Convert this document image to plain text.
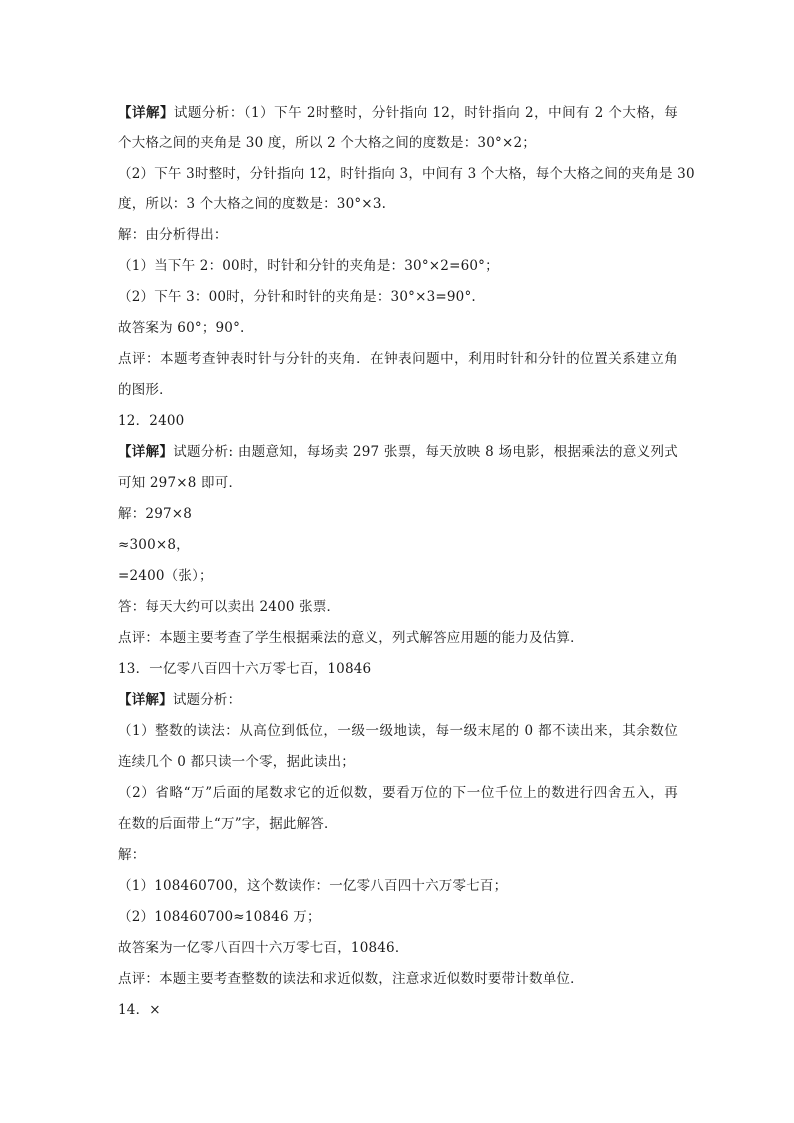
【详解】试题分析：（1）下午 2时整时，分针指向 12，时针指向 2，中间有 2 个大格，每
个大格之间的夹角是 30 度，所以 2 个大格之间的度数是：30°×2；
（2）下午 3时整时，分针指向 12，时针指向 3，中间有 3 个大格，每个大格之间的夹角是 30
度，所以：3 个大格之间的度数是：30°×3.
解：由分析得出：
（1）当下午 2：00时，时针和分针的夹角是：30°×2=60°；
（2）下午 3：00时，分针和时针的夹角是：30°×3=90°.
故答案为 60°；90°.
点评：本题考查钟表时针与分针的夹角．在钟表问题中，利用时针和分针的位置关系建立角
的图形．
12．2400
【详解】试题分析: 由题意知，每场卖 297 张票，每天放映 8 场电影，根据乘法的意义列式
可知 297×8 即可．
解：297×8
≈300×8，
=2400（张）；
答：每天大约可以卖出 2400 张票．
点评：本题主要考查了学生根据乘法的意义，列式解答应用题的能力及估算．
13．一亿零八百四十六万零七百，10846
【详解】试题分析：
（1）整数的读法：从高位到低位，一级一级地读，每一级末尾的 0 都不读出来，其余数位
连续几个 0 都只读一个零，据此读出；
（2）省略“万”后面的尾数求它的近似数，要看万位的下一位千位上的数进行四舍五入，再
在数的后面带上“万”字，据此解答．
解：
（1）108460700，这个数读作：一亿零八百四十六万零七百；
（2）108460700≈10846 万；
故答案为一亿零八百四十六万零七百，10846．
点评：本题主要考查整数的读法和求近似数，注意求近似数时要带计数单位．
14．×
